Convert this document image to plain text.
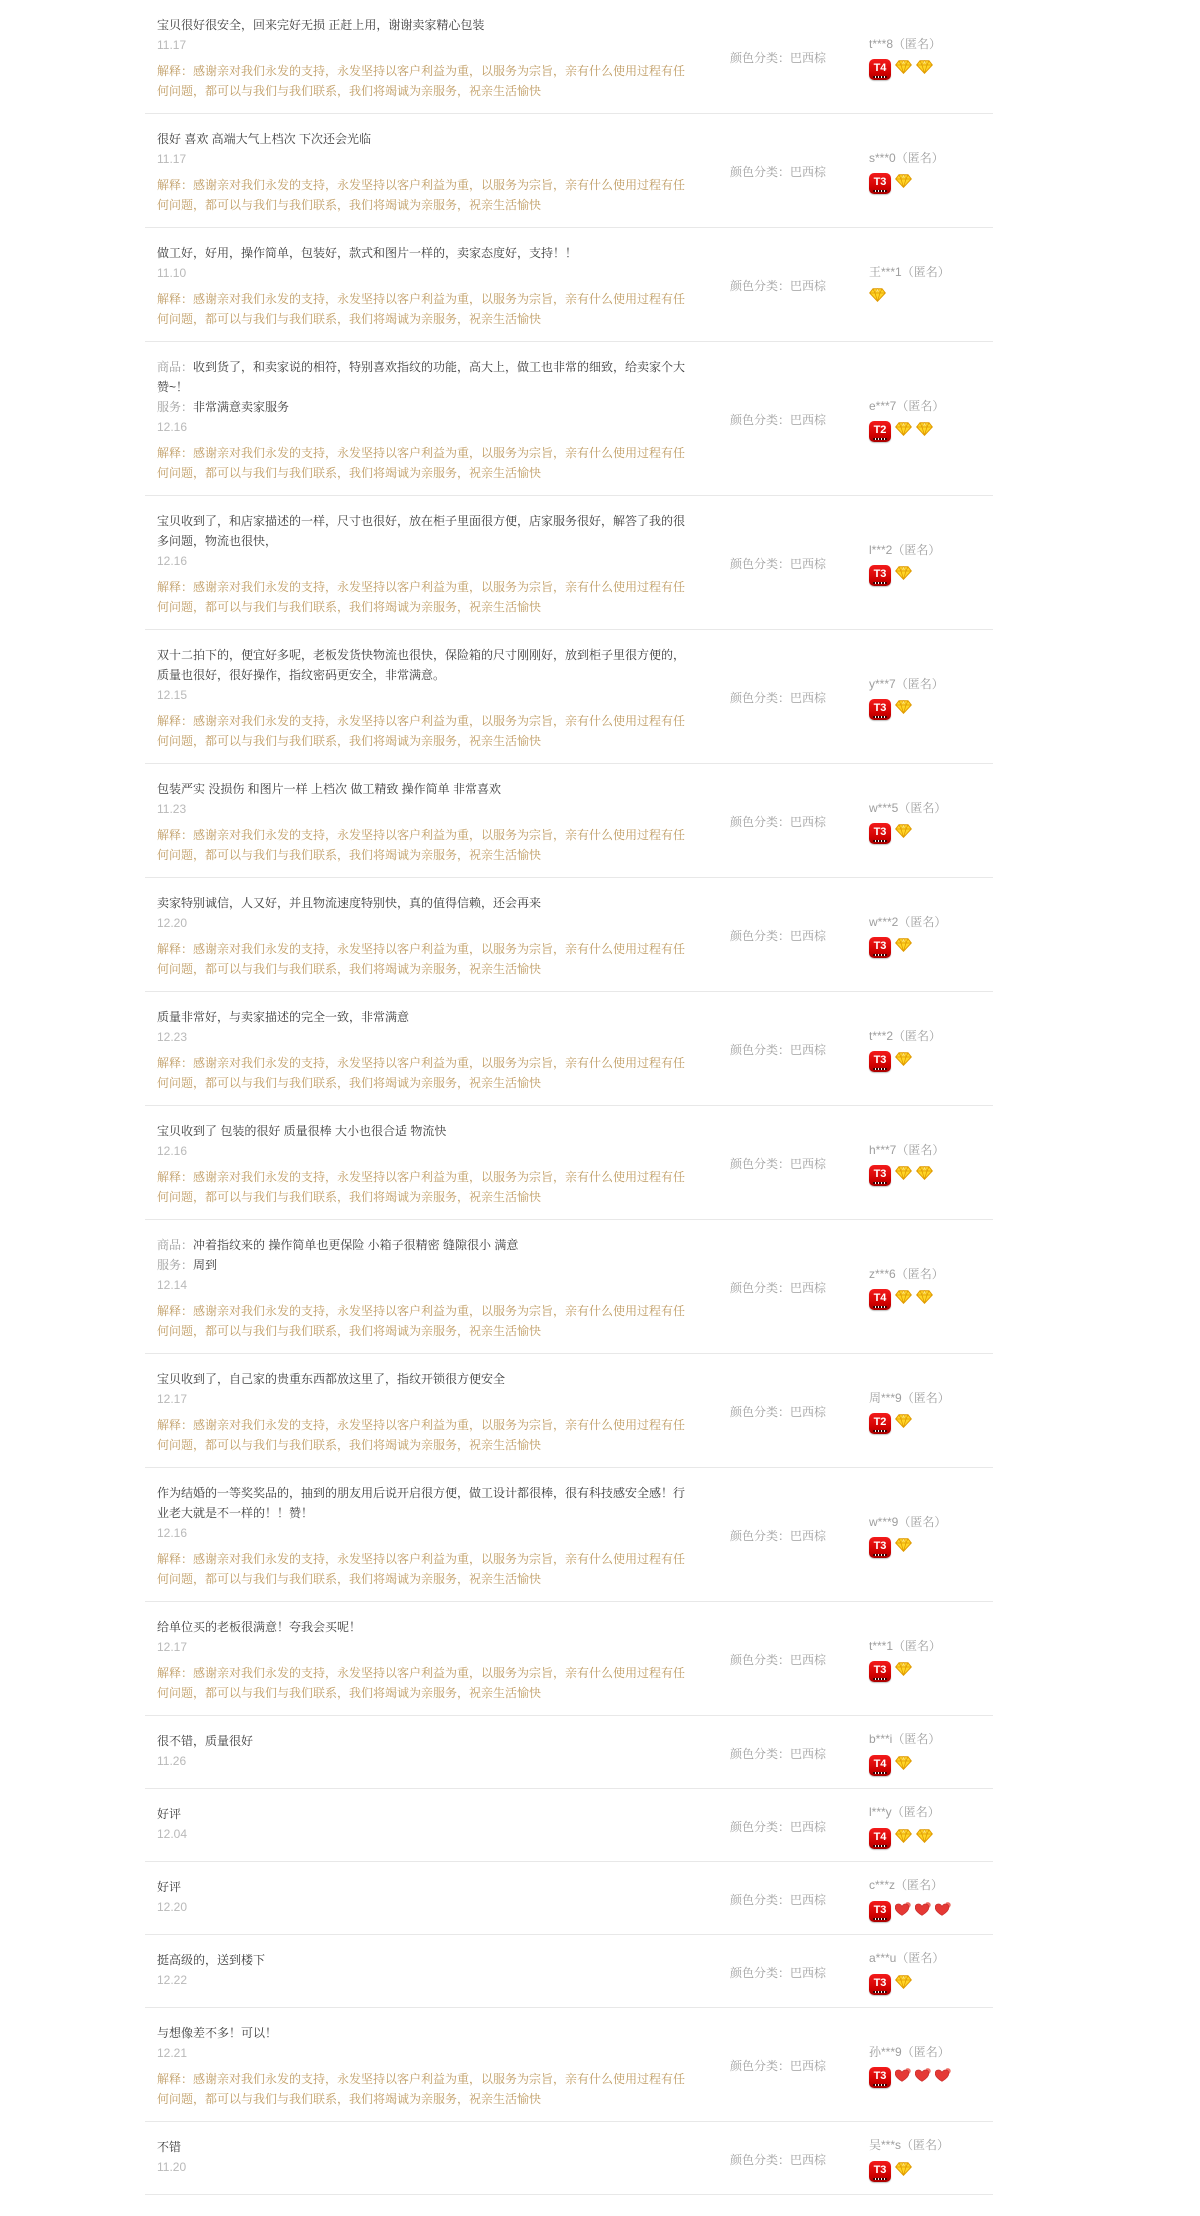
宝贝很好很安全，回来完好无损 正赶上用，谢谢卖家精心包装
11.17
解释：感谢亲对我们永发的支持，永发坚持以客户利益为重，以服务为宗旨，亲有什么使用过程有任何问题，都可以与我们与我们联系，我们将竭诚为亲服务，祝亲生活愉快
颜色分类：巴西棕
t***8（匿名）
T4
很好 喜欢 高端大气上档次 下次还会光临
11.17
解释：感谢亲对我们永发的支持，永发坚持以客户利益为重，以服务为宗旨，亲有什么使用过程有任何问题，都可以与我们与我们联系，我们将竭诚为亲服务，祝亲生活愉快
颜色分类：巴西棕
s***0（匿名）
T3
做工好，好用，操作简单，包装好，款式和图片一样的，卖家态度好，支持！！
11.10
解释：感谢亲对我们永发的支持，永发坚持以客户利益为重，以服务为宗旨，亲有什么使用过程有任何问题，都可以与我们与我们联系，我们将竭诚为亲服务，祝亲生活愉快
颜色分类：巴西棕
王***1（匿名）
商品：收到货了，和卖家说的相符，特别喜欢指纹的功能，高大上，做工也非常的细致，给卖家个大赞~！
服务：非常满意卖家服务
12.16
解释：感谢亲对我们永发的支持，永发坚持以客户利益为重，以服务为宗旨，亲有什么使用过程有任何问题，都可以与我们与我们联系，我们将竭诚为亲服务，祝亲生活愉快
颜色分类：巴西棕
e***7（匿名）
T2
宝贝收到了，和店家描述的一样，尺寸也很好，放在柜子里面很方便，店家服务很好，解答了我的很多问题，物流也很快，
12.16
解释：感谢亲对我们永发的支持，永发坚持以客户利益为重，以服务为宗旨，亲有什么使用过程有任何问题，都可以与我们与我们联系，我们将竭诚为亲服务，祝亲生活愉快
颜色分类：巴西棕
l***2（匿名）
T3
双十二拍下的，便宜好多呢，老板发货快物流也很快，保险箱的尺寸刚刚好，放到柜子里很方便的，质量也很好，很好操作，指纹密码更安全，非常满意。
12.15
解释：感谢亲对我们永发的支持，永发坚持以客户利益为重，以服务为宗旨，亲有什么使用过程有任何问题，都可以与我们与我们联系，我们将竭诚为亲服务，祝亲生活愉快
颜色分类：巴西棕
y***7（匿名）
T3
包装严实 没损伤 和图片一样 上档次 做工精致 操作简单 非常喜欢
11.23
解释：感谢亲对我们永发的支持，永发坚持以客户利益为重，以服务为宗旨，亲有什么使用过程有任何问题，都可以与我们与我们联系，我们将竭诚为亲服务，祝亲生活愉快
颜色分类：巴西棕
w***5（匿名）
T3
卖家特别诚信，人又好，并且物流速度特别快，真的值得信赖，还会再来
12.20
解释：感谢亲对我们永发的支持，永发坚持以客户利益为重，以服务为宗旨，亲有什么使用过程有任何问题，都可以与我们与我们联系，我们将竭诚为亲服务，祝亲生活愉快
颜色分类：巴西棕
w***2（匿名）
T3
质量非常好，与卖家描述的完全一致，非常满意
12.23
解释：感谢亲对我们永发的支持，永发坚持以客户利益为重，以服务为宗旨，亲有什么使用过程有任何问题，都可以与我们与我们联系，我们将竭诚为亲服务，祝亲生活愉快
颜色分类：巴西棕
t***2（匿名）
T3
宝贝收到了 包装的很好 质量很棒 大小也很合适 物流快
12.16
解释：感谢亲对我们永发的支持，永发坚持以客户利益为重，以服务为宗旨，亲有什么使用过程有任何问题，都可以与我们与我们联系，我们将竭诚为亲服务，祝亲生活愉快
颜色分类：巴西棕
h***7（匿名）
T3
商品：冲着指纹来的 操作简单也更保险 小箱子很精密 缝隙很小 满意
服务：周到
12.14
解释：感谢亲对我们永发的支持，永发坚持以客户利益为重，以服务为宗旨，亲有什么使用过程有任何问题，都可以与我们与我们联系，我们将竭诚为亲服务，祝亲生活愉快
颜色分类：巴西棕
z***6（匿名）
T4
宝贝收到了，自己家的贵重东西都放这里了，指纹开锁很方便安全
12.17
解释：感谢亲对我们永发的支持，永发坚持以客户利益为重，以服务为宗旨，亲有什么使用过程有任何问题，都可以与我们与我们联系，我们将竭诚为亲服务，祝亲生活愉快
颜色分类：巴西棕
周***9（匿名）
T2
作为结婚的一等奖奖品的，抽到的朋友用后说开启很方便，做工设计都很棒，很有科技感安全感！行业老大就是不一样的！！赞！
12.16
解释：感谢亲对我们永发的支持，永发坚持以客户利益为重，以服务为宗旨，亲有什么使用过程有任何问题，都可以与我们与我们联系，我们将竭诚为亲服务，祝亲生活愉快
颜色分类：巴西棕
w***9（匿名）
T3
给单位买的老板很满意！夸我会买呢！
12.17
解释：感谢亲对我们永发的支持，永发坚持以客户利益为重，以服务为宗旨，亲有什么使用过程有任何问题，都可以与我们与我们联系，我们将竭诚为亲服务，祝亲生活愉快
颜色分类：巴西棕
t***1（匿名）
T3
很不错，质量很好
11.26
颜色分类：巴西棕
b***i（匿名）
T4
好评
12.04
颜色分类：巴西棕
l***y（匿名）
T4
好评
12.20
颜色分类：巴西棕
c***z（匿名）
T3
挺高级的，送到楼下
12.22
颜色分类：巴西棕
a***u（匿名）
T3
与想像差不多！可以！
12.21
解释：感谢亲对我们永发的支持，永发坚持以客户利益为重，以服务为宗旨，亲有什么使用过程有任何问题，都可以与我们与我们联系，我们将竭诚为亲服务，祝亲生活愉快
颜色分类：巴西棕
孙***9（匿名）
T3
不错
11.20
颜色分类：巴西棕
吴***s（匿名）
T3
